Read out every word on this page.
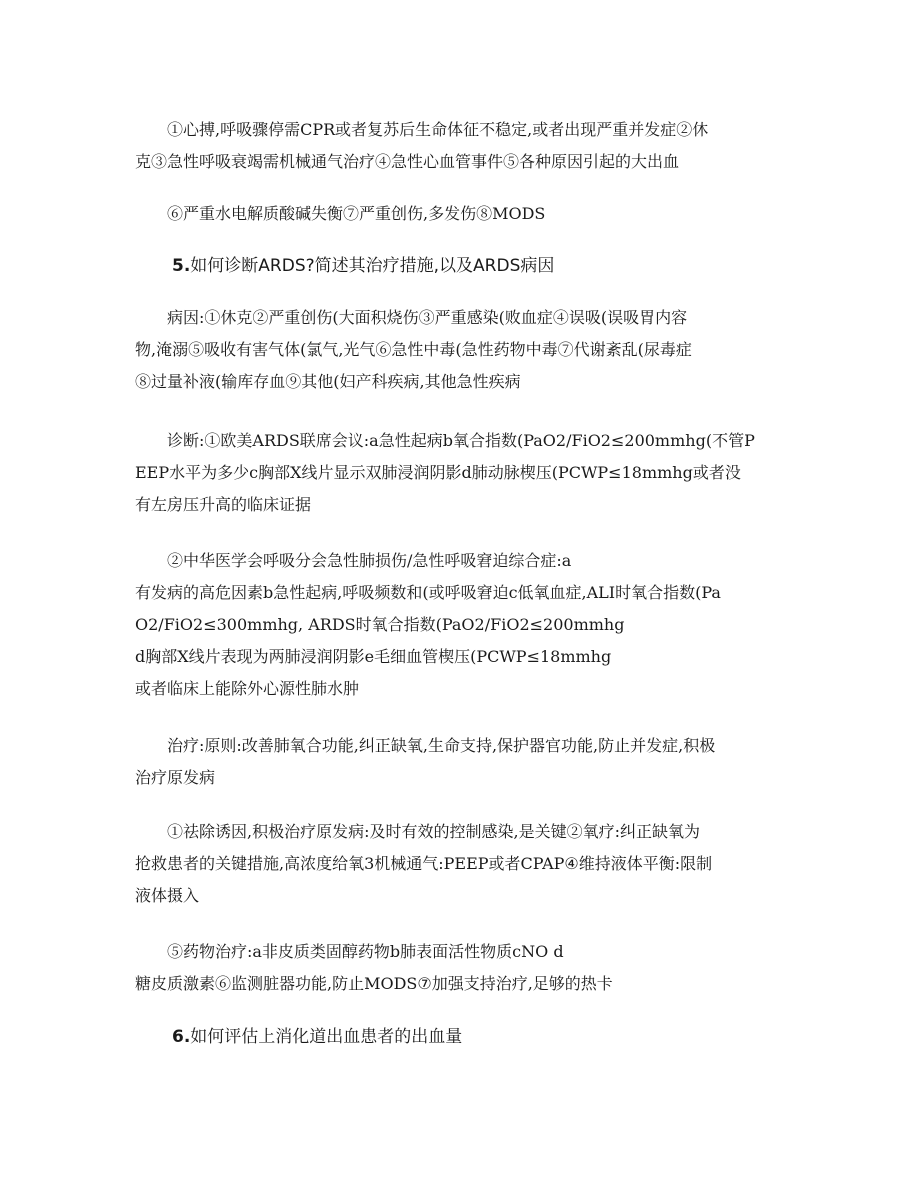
①心搏,呼吸骤停需CPR或者复苏后生命体征不稳定,或者出现严重并发症②休
克③急性呼吸衰竭需机械通气治疗④急性心血管事件⑤各种原因引起的大出血

⑥严重水电解质酸碱失衡⑦严重创伤,多发伤⑧MODS

5.如何诊断ARDS?简述其治疗措施,以及ARDS病因

病因:①休克②严重创伤(大面积烧伤③严重感染(败血症④误吸(误吸胃内容
物,淹溺⑤吸收有害气体(氯气,光气⑥急性中毒(急性药物中毒⑦代谢紊乱(尿毒症
⑧过量补液(输库存血⑨其他(妇产科疾病,其他急性疾病

诊断:①欧美ARDS联席会议:a急性起病b氧合指数(PaO2/FiO2≤200mmhg(不管P
EEP水平为多少c胸部X线片显示双肺浸润阴影d肺动脉楔压(PCWP≤18mmhg或者没
有左房压升高的临床证据

②中华医学会呼吸分会急性肺损伤/急性呼吸窘迫综合症:a
有发病的高危因素b急性起病,呼吸频数和(或呼吸窘迫c低氧血症,ALI时氧合指数(Pa
O2/FiO2≤300mmhg, ARDS时氧合指数(PaO2/FiO2≤200mmhg
d胸部X线片表现为两肺浸润阴影e毛细血管楔压(PCWP≤18mmhg
或者临床上能除外心源性肺水肿

治疗:原则:改善肺氧合功能,纠正缺氧,生命支持,保护器官功能,防止并发症,积极
治疗原发病

①祛除诱因,积极治疗原发病:及时有效的控制感染,是关键②氧疗:纠正缺氧为
抢救患者的关键措施,高浓度给氧3机械通气:PEEP或者CPAP④维持液体平衡:限制
液体摄入

⑤药物治疗:a非皮质类固醇药物b肺表面活性物质cNO d
糖皮质激素⑥监测脏器功能,防止MODS⑦加强支持治疗,足够的热卡

6.如何评估上消化道出血患者的出血量
